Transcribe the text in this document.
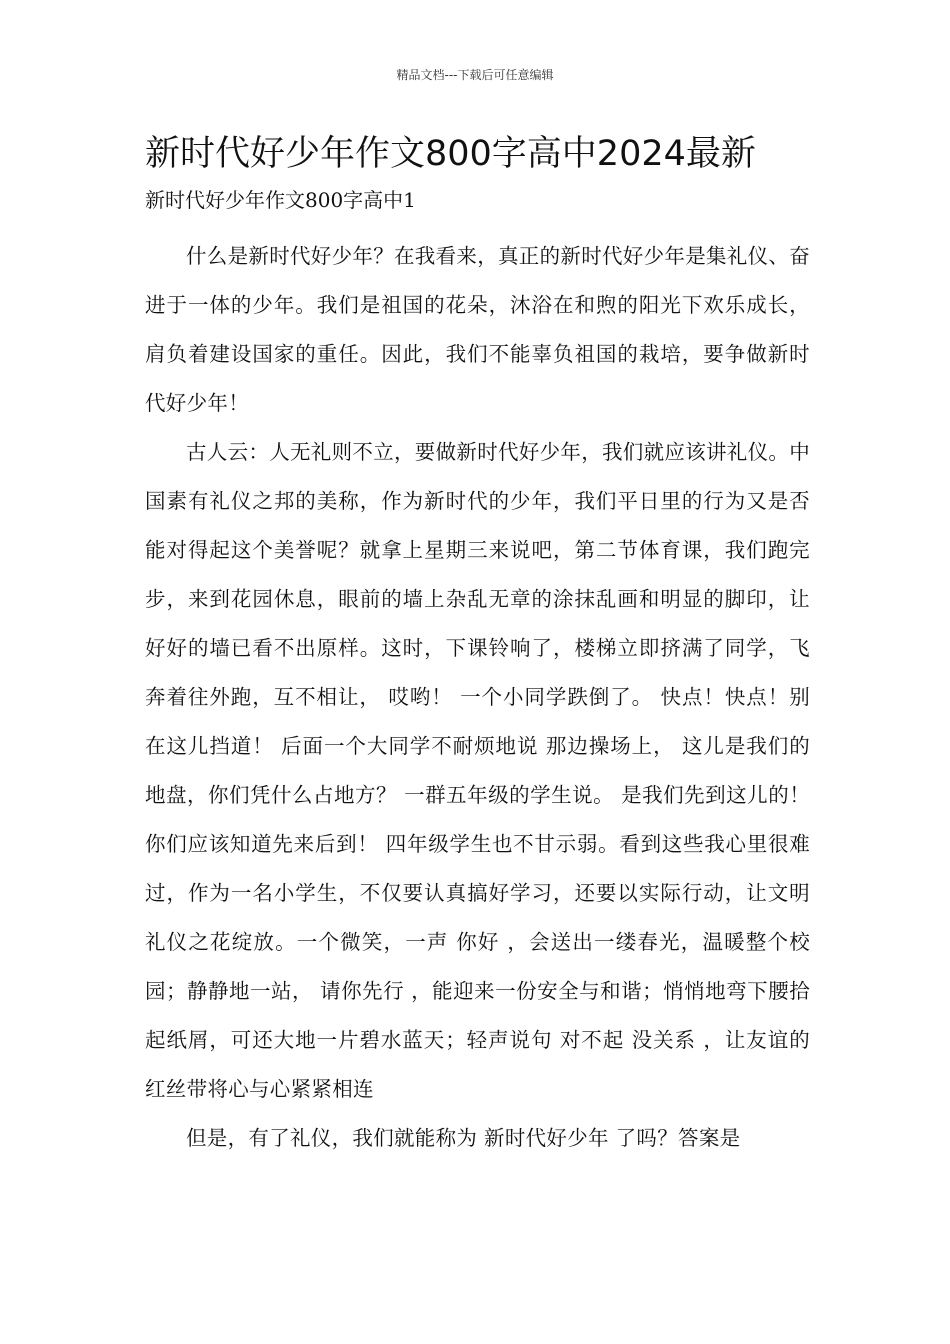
精品文档---下载后可任意编辑
新时代好少年作文800字高中2024最新
新时代好少年作文800字高中1

什么是新时代好少年？在我看来，真正的新时代好少年是集礼仪、奋进于一体的少年。我们是祖国的花朵，沐浴在和煦的阳光下欢乐成长，肩负着建设国家的重任。因此，我们不能辜负祖国的栽培，要争做新时代好少年！

古人云：人无礼则不立，要做新时代好少年，我们就应该讲礼仪。中国素有礼仪之邦的美称，作为新时代的少年，我们平日里的行为又是否能对得起这个美誉呢？就拿上星期三来说吧，第二节体育课，我们跑完步，来到花园休息，眼前的墙上杂乱无章的涂抹乱画和明显的脚印，让好好的墙已看不出原样。这时，下课铃响了，楼梯立即挤满了同学，飞奔着往外跑，互不相让， 哎哟！ 一个小同学跌倒了。 快点！快点！别在这儿挡道！ 后面一个大同学不耐烦地说 那边操场上， 这儿是我们的地盘，你们凭什么占地方？ 一群五年级的学生说。 是我们先到这儿的！你们应该知道先来后到！ 四年级学生也不甘示弱。看到这些我心里很难过，作为一名小学生，不仅要认真搞好学习，还要以实际行动，让文明礼仪之花绽放。一个微笑，一声 你好 ，会送出一缕春光，温暖整个校园；静静地一站， 请你先行 ，能迎来一份安全与和谐；悄悄地弯下腰拾起纸屑，可还大地一片碧水蓝天；轻声说句 对不起 没关系 ，让友谊的红丝带将心与心紧紧相连

但是，有了礼仪，我们就能称为 新时代好少年 了吗？答案是
